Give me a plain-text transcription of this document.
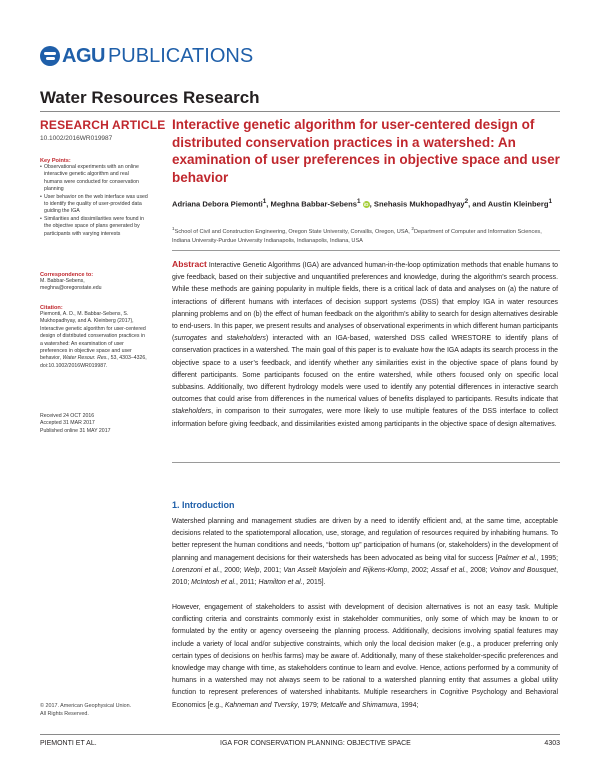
AGU PUBLICATIONS
Water Resources Research
RESEARCH ARTICLE
10.1002/2016WR019987
Key Points:
• Observational experiments with an online interactive genetic algorithm and real humans were conducted for conservation planning
• User behavior on the web interface was used to identify the quality of user-provided data guiding the IGA
• Similarities and dissimilarities were found in the objective space of plans generated by participants with varying interests
Correspondence to:
M. Babbar-Sebens,
meghna@oregonstate.edu
Citation:
Piemonti, A. D., M. Babbar-Sebens, S. Mukhopadhyay, and A. Kleinberg (2017), Interactive genetic algorithm for user-centered design of distributed conservation practices in a watershed: An examination of user preferences in objective space and user behavior, Water Resour. Res., 53, 4303–4326, doi:10.1002/2016WR019987.
Received 24 OCT 2016
Accepted 31 MAR 2017
Published online 31 MAY 2017
© 2017. American Geophysical Union.
All Rights Reserved.
Interactive genetic algorithm for user-centered design of distributed conservation practices in a watershed: An examination of user preferences in objective space and user behavior
Adriana Debora Piemonti$^1$, Meghna Babbar-Sebens$^1$ iD, Snehasis Mukhopadhyay$^2$, and Austin Kleinberg$^1$
$^1$School of Civil and Construction Engineering, Oregon State University, Corvallis, Oregon, USA, $^2$Department of Computer and Information Sciences, Indiana University-Purdue University Indianapolis, Indianapolis, Indiana, USA
Abstract Interactive Genetic Algorithms (IGA) are advanced human-in-the-loop optimization methods that enable humans to give feedback, based on their subjective and unquantified preferences and knowledge, during the algorithm’s search process. While these methods are gaining popularity in multiple fields, there is a critical lack of data and analyses on (a) the nature of interactions of different humans with interfaces of decision support systems (DSS) that employ IGA in water resources planning problems and on (b) the effect of human feedback on the algorithm’s ability to search for design alternatives desirable to end-users. In this paper, we present results and analyses of observational experiments in which different human participants (surrogates and stakeholders) interacted with an IGA-based, watershed DSS called WRESTORE to identify plans of conservation practices in a watershed. The main goal of this paper is to evaluate how the IGA adapts its search process in the objective space to a user’s feedback, and identify whether any similarities exist in the objective space of plans found by different participants. Some participants focused on the entire watershed, while others focused only on specific local subbasins. Additionally, two different hydrology models were used to identify any potential differences in interactive search outcomes that could arise from differences in the numerical values of benefits displayed to participants. Results indicate that stakeholders, in comparison to their surrogates, were more likely to use multiple features of the DSS interface to collect information before giving feedback, and dissimilarities existed among participants in the objective space of design alternatives.
1. Introduction
Watershed planning and management studies are driven by a need to identify efficient and, at the same time, acceptable decisions related to the spatiotemporal allocation, use, storage, and regulation of resources required by inhabiting humans. To better represent the human conditions and needs, “bottom up” participation of humans (or, stakeholders) in the development of planning and management decisions for their watersheds has been advocated as being vital for success [Palmer et al., 1995; Lorenzoni et al., 2000; Welp, 2001; Van Asselt Marjolein and Rijkens-Klomp, 2002; Assaf et al., 2008; Voinov and Bousquet, 2010; McIntosh et al., 2011; Hamilton et al., 2015].
However, engagement of stakeholders to assist with development of decision alternatives is not an easy task. Multiple conflicting criteria and constraints commonly exist in stakeholder communities, only some of which may be known to or formulated by the entity or agency overseeing the planning process. Additionally, decisions involving spatial features may include a variety of local and/or subjective constraints, which only the local decision maker (e.g., a producer preferring only certain types of decisions on her/his farms) may be aware of. Additionally, many of these stakeholder-specific preferences and knowledge may change with time, as stakeholders continue to learn and evolve. Hence, actions performed by a community of humans in a watershed may not always seem to be rational to a watershed planning entity that assumes a global utility function to represent preferences of watershed inhabitants. Multiple researchers in Cognitive Psychology and Behavioral Economics [e.g., Kahneman and Tversky, 1979; Metcalfe and Shimamura, 1994;
PIEMONTI ET AL.	IGA FOR CONSERVATION PLANNING: OBJECTIVE SPACE	4303
